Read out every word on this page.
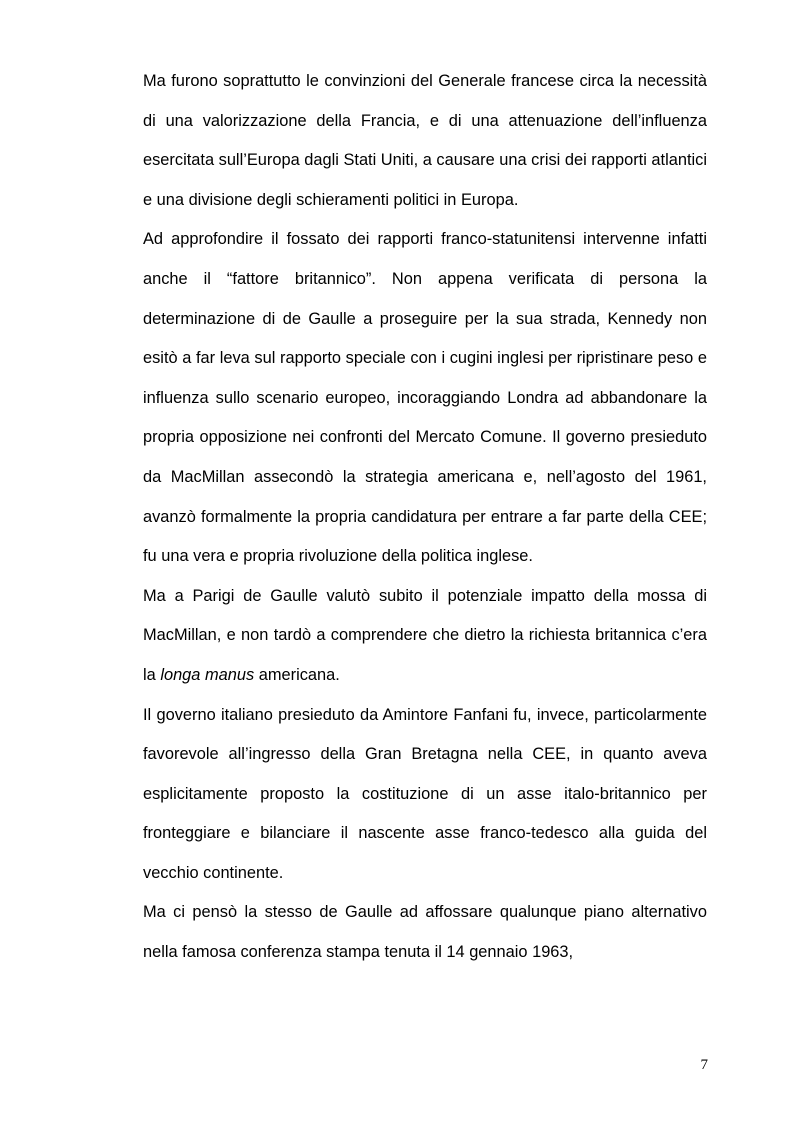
Ma furono soprattutto le convinzioni del Generale francese circa la necessità di una valorizzazione della Francia, e di una attenuazione dell’influenza esercitata sull’Europa dagli Stati Uniti, a causare una crisi dei rapporti atlantici e una divisione degli schieramenti politici in Europa.

Ad approfondire il fossato dei rapporti franco-statunitensi intervenne infatti anche il “fattore britannico”. Non appena verificata di persona la determinazione di de Gaulle a proseguire per la sua strada, Kennedy non esitò a far leva sul rapporto speciale con i cugini inglesi per ripristinare peso e influenza sullo scenario europeo, incoraggiando Londra ad abbandonare la propria opposizione nei confronti del Mercato Comune. Il governo presieduto da MacMillan assecondò la strategia americana e, nell’agosto del 1961, avanzò formalmente la propria candidatura per entrare a far parte della CEE; fu una vera e propria rivoluzione della politica inglese.

Ma a Parigi de Gaulle valutò subito il potenziale impatto della mossa di MacMillan, e non tardò a comprendere che dietro la richiesta britannica c’era la longa manus americana.

Il governo italiano presieduto da Amintore Fanfani fu, invece, particolarmente favorevole all’ingresso della Gran Bretagna nella CEE, in quanto aveva esplicitamente proposto la costituzione di un asse italo-britannico per fronteggiare e bilanciare il nascente asse franco-tedesco alla guida del vecchio continente.

Ma ci pensò la stesso de Gaulle ad affossare qualunque piano alternativo nella famosa conferenza stampa tenuta il 14 gennaio 1963,

7
